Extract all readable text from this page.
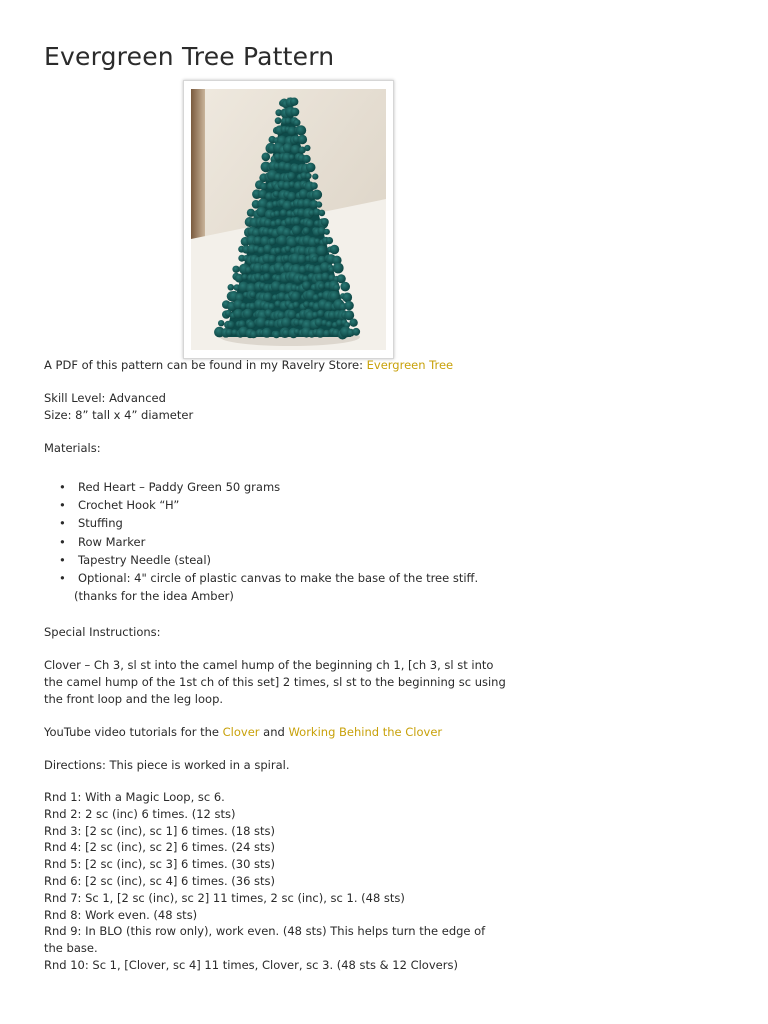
Evergreen Tree Pattern
A PDF of this pattern can be found in my Ravelry Store: Evergreen Tree
Skill Level: Advanced
Size: 8” tall x 4” diameter
Materials:
• Red Heart – Paddy Green 50 grams
• Crochet Hook “H”
• Stuffing
• Row Marker
• Tapestry Needle (steal)
• Optional: 4" circle of plastic canvas to make the base of the tree stiff.
(thanks for the idea Amber)
Special Instructions:
Clover – Ch 3, sl st into the camel hump of the beginning ch 1, [ch 3, sl st into
the camel hump of the 1st ch of this set] 2 times, sl st to the beginning sc using
the front loop and the leg loop.
YouTube video tutorials for the Clover and Working Behind the Clover
Directions: This piece is worked in a spiral.
Rnd 1: With a Magic Loop, sc 6.
Rnd 2: 2 sc (inc) 6 times. (12 sts)
Rnd 3: [2 sc (inc), sc 1] 6 times. (18 sts)
Rnd 4: [2 sc (inc), sc 2] 6 times. (24 sts)
Rnd 5: [2 sc (inc), sc 3] 6 times. (30 sts)
Rnd 6: [2 sc (inc), sc 4] 6 times. (36 sts)
Rnd 7: Sc 1, [2 sc (inc), sc 2] 11 times, 2 sc (inc), sc 1. (48 sts)
Rnd 8: Work even. (48 sts)
Rnd 9: In BLO (this row only), work even. (48 sts) This helps turn the edge of
the base.
Rnd 10: Sc 1, [Clover, sc 4] 11 times, Clover, sc 3. (48 sts & 12 Clovers)
